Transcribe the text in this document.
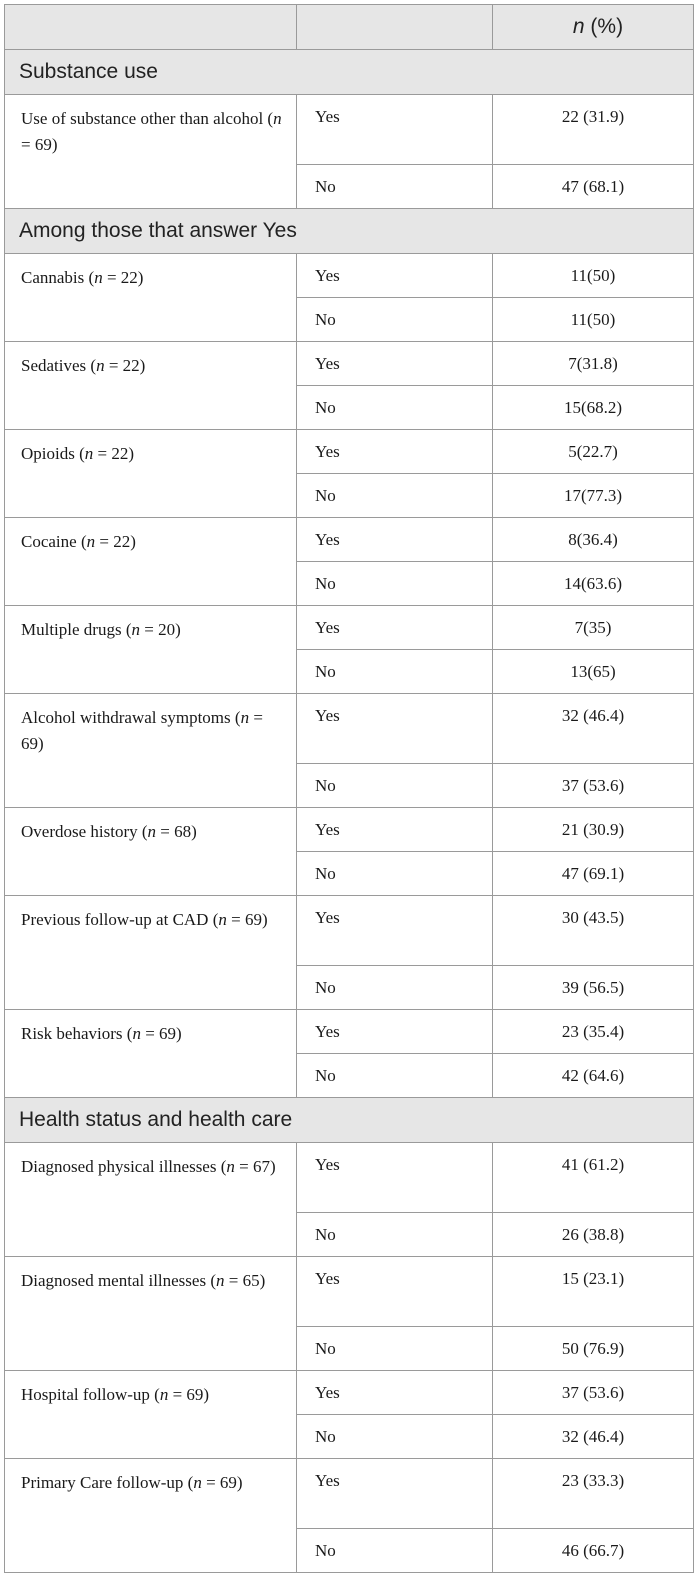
		n (%)
Substance use		
Use of substance other than alcohol (n = 69)	Yes	22 (31.9)
	No	47 (68.1)
Among those that answer Yes		
Cannabis (n = 22)	Yes	11(50)
	No	11(50)
Sedatives (n = 22)	Yes	7(31.8)
	No	15(68.2)
Opioids (n = 22)	Yes	5(22.7)
	No	17(77.3)
Cocaine (n = 22)	Yes	8(36.4)
	No	14(63.6)
Multiple drugs (n = 20)	Yes	7(35)
	No	13(65)
Alcohol withdrawal symptoms (n = 69)	Yes	32 (46.4)
	No	37 (53.6)
Overdose history (n = 68)	Yes	21 (30.9)
	No	47 (69.1)
Previous follow-up at CAD (n = 69)	Yes	30 (43.5)
	No	39 (56.5)
Risk behaviors (n = 69)	Yes	23 (35.4)
	No	42 (64.6)
Health status and health care		
Diagnosed physical illnesses (n = 67)	Yes	41 (61.2)
	No	26 (38.8)
Diagnosed mental illnesses (n = 65)	Yes	15 (23.1)
	No	50 (76.9)
Hospital follow-up (n = 69)	Yes	37 (53.6)
	No	32 (46.4)
Primary Care follow-up (n = 69)	Yes	23 (33.3)
	No	46 (66.7)
